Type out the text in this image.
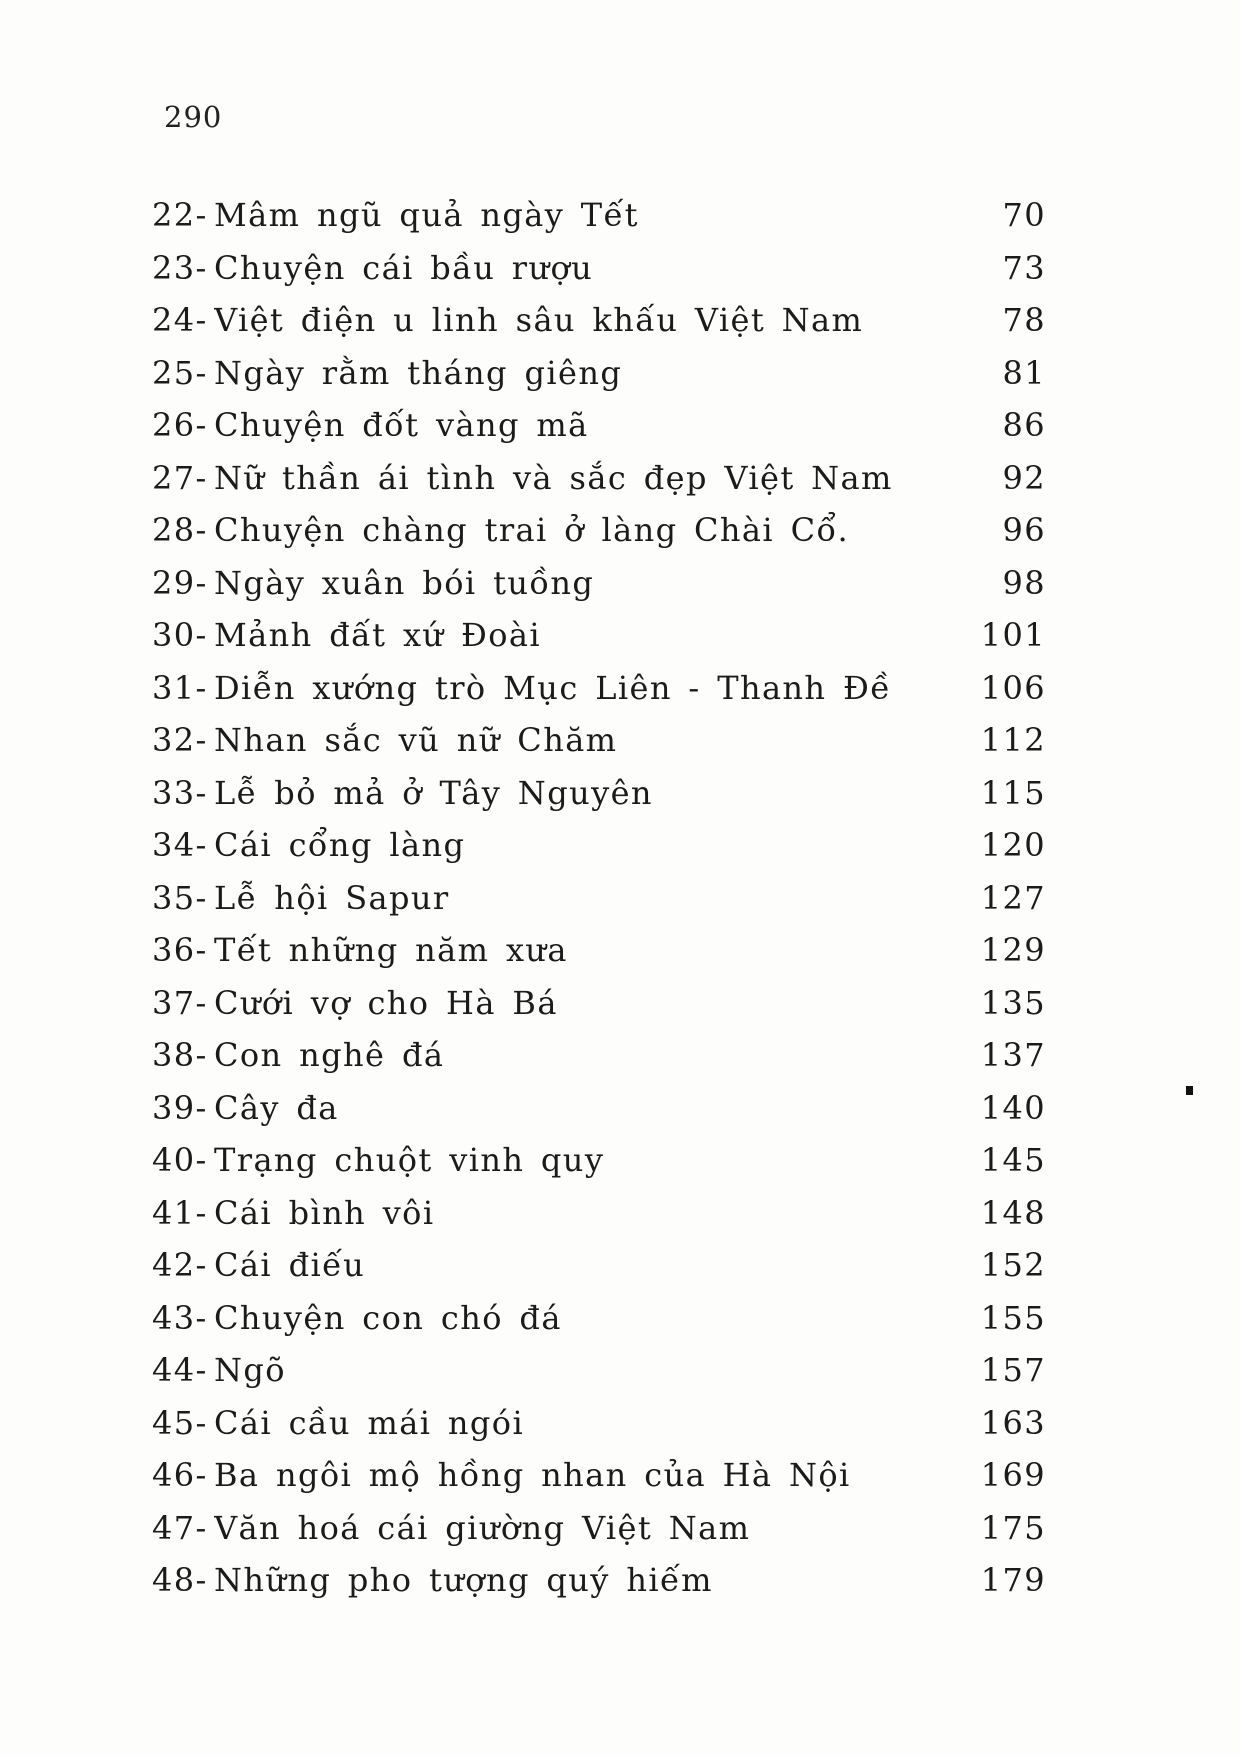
290
22- Mâm ngũ quả ngày Tết	70
23- Chuyện cái bầu rượu	73
24- Việt điện u linh sâu khấu Việt Nam	78
25- Ngày rằm tháng giêng	81
26- Chuyện đốt vàng mã	86
27- Nữ thần ái tình và sắc đẹp Việt Nam	92
28- Chuyện chàng trai ở làng Chài Cổ.	96
29- Ngày xuân bói tuồng	98
30- Mảnh đất xứ Đoài	101
31- Diễn xướng trò Mục Liên - Thanh Đề	106
32- Nhan sắc vũ nữ Chăm	112
33- Lễ bỏ mả ở Tây Nguyên	115
34- Cái cổng làng	120
35- Lễ hội Sapur	127
36- Tết những năm xưa	129
37- Cưới vợ cho Hà Bá	135
38- Con nghê đá	137
39- Cây đa	140
40- Trạng chuột vinh quy	145
41- Cái bình vôi	148
42- Cái điếu	152
43- Chuyện con chó đá	155
44- Ngõ	157
45- Cái cầu mái ngói	163
46- Ba ngôi mộ hồng nhan của Hà Nội	169
47- Văn hoá cái giường Việt Nam	175
48- Những pho tượng quý hiếm	179
